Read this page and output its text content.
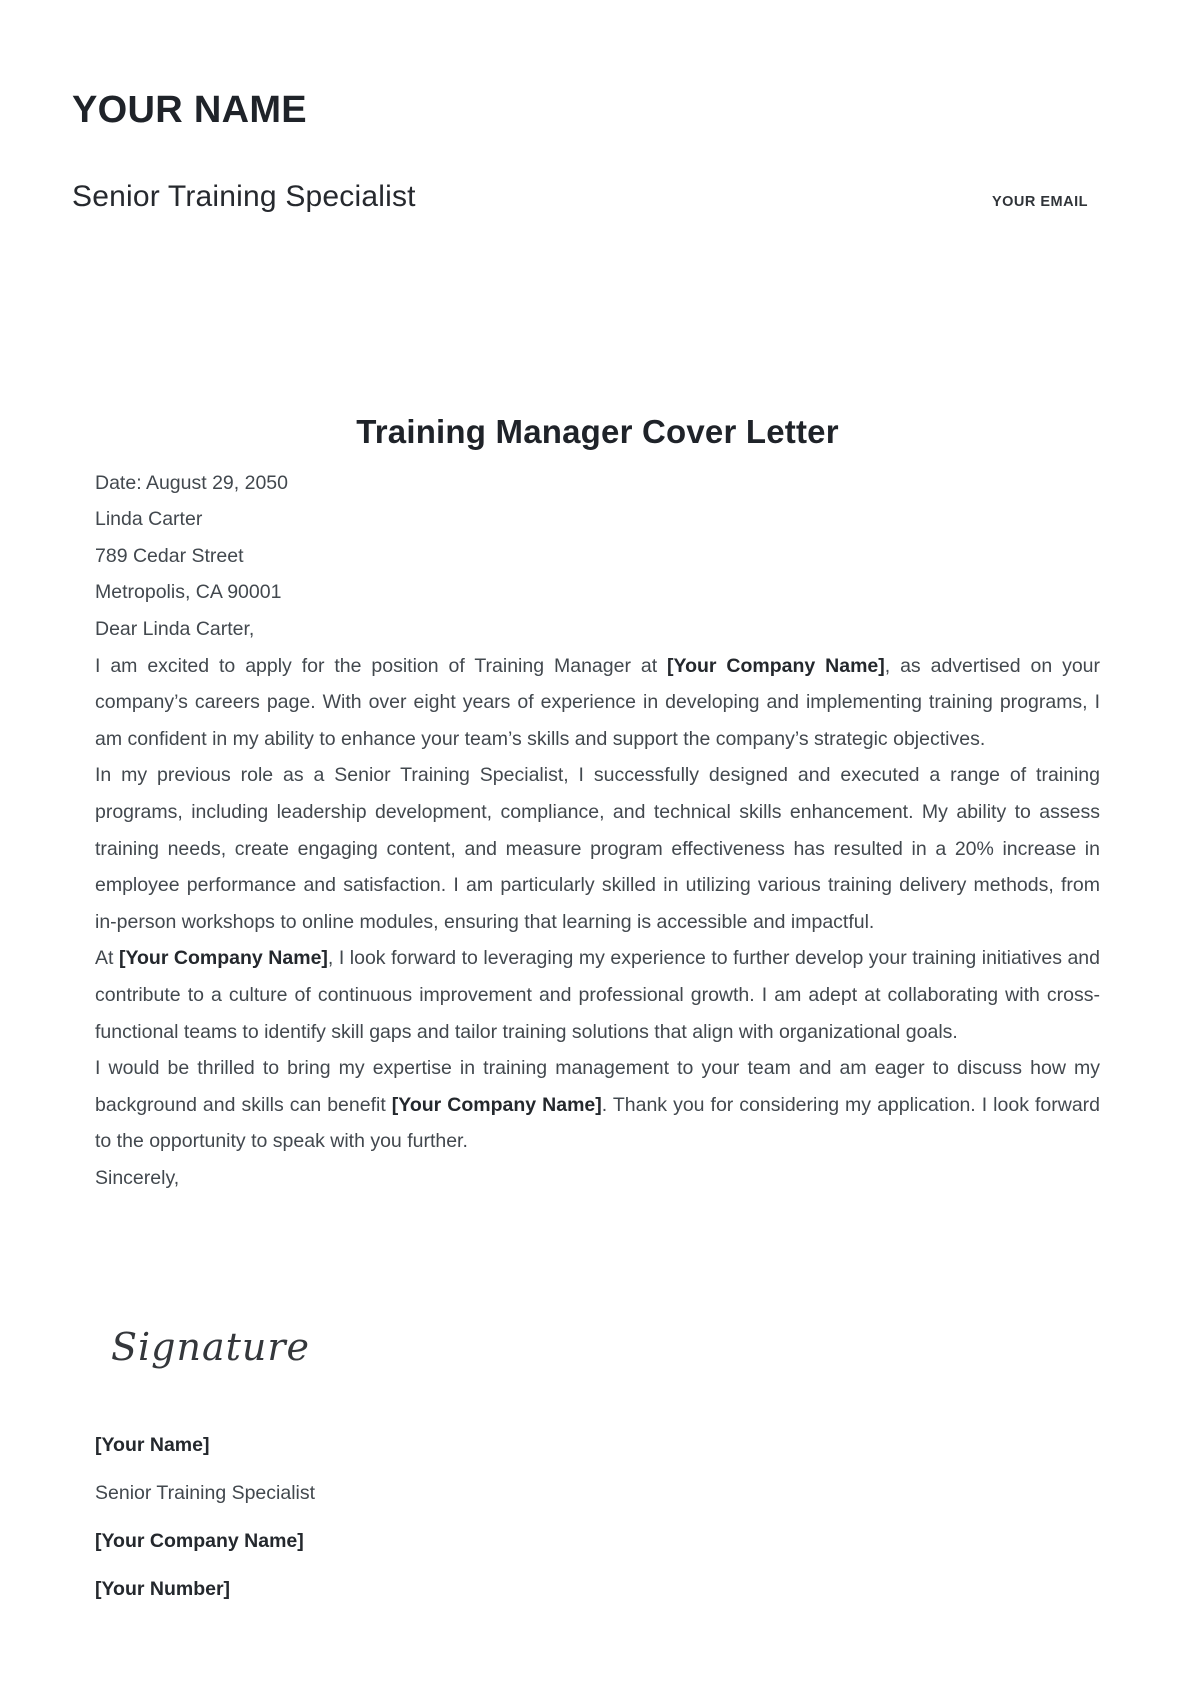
YOUR NAME
Senior Training Specialist	YOUR EMAIL
Training Manager Cover Letter

Date: August 29, 2050

Linda Carter

789 Cedar Street

Metropolis, CA 90001

Dear Linda Carter,

I am excited to apply for the position of Training Manager at [Your Company Name], as advertised on your company’s careers page. With over eight years of experience in developing and implementing training programs, I am confident in my ability to enhance your team’s skills and support the company’s strategic objectives.

In my previous role as a Senior Training Specialist, I successfully designed and executed a range of training programs, including leadership development, compliance, and technical skills enhancement. My ability to assess training needs, create engaging content, and measure program effectiveness has resulted in a 20% increase in employee performance and satisfaction. I am particularly skilled in utilizing various training delivery methods, from in-person workshops to online modules, ensuring that learning is accessible and impactful.

At [Your Company Name], I look forward to leveraging my experience to further develop your training initiatives and contribute to a culture of continuous improvement and professional growth. I am adept at collaborating with cross-functional teams to identify skill gaps and tailor training solutions that align with organizational goals.

I would be thrilled to bring my expertise in training management to your team and am eager to discuss how my background and skills can benefit [Your Company Name]. Thank you for considering my application. I look forward to the opportunity to speak with you further.

Sincerely,

Signature

[Your Name]

Senior Training Specialist

[Your Company Name]

[Your Number]
